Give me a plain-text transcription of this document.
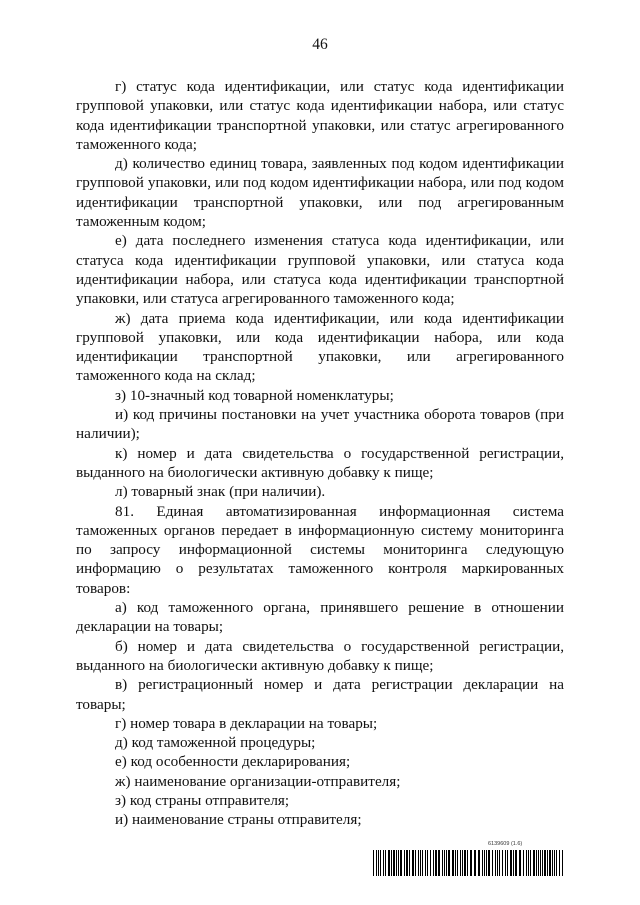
46

г) статус кода идентификации, или статус кода идентификации групповой упаковки, или статус кода идентификации набора, или статус кода идентификации транспортной упаковки, или статус агрегированного таможенного кода;

д) количество единиц товара, заявленных под кодом идентификации групповой упаковки, или под кодом идентификации набора, или под кодом идентификации транспортной упаковки, или под агрегированным таможенным кодом;

е) дата последнего изменения статуса кода идентификации, или статуса кода идентификации групповой упаковки, или статуса кода идентификации набора, или статуса кода идентификации транспортной упаковки, или статуса агрегированного таможенного кода;

ж) дата приема кода идентификации, или кода идентификации групповой упаковки, или кода идентификации набора, или кода идентификации транспортной упаковки, или агрегированного таможенного кода на склад;

з) 10-значный код товарной номенклатуры;

и) код причины постановки на учет участника оборота товаров (при наличии);

к) номер и дата свидетельства о государственной регистрации, выданного на биологически активную добавку к пище;

л) товарный знак (при наличии).

81. Единая автоматизированная информационная система таможенных органов передает в информационную систему мониторинга по запросу информационной системы мониторинга следующую информацию о результатах таможенного контроля маркированных товаров:

а) код таможенного органа, принявшего решение в отношении декларации на товары;

б) номер и дата свидетельства о государственной регистрации, выданного на биологически активную добавку к пище;

в) регистрационный номер и дата регистрации декларации на товары;

г) номер товара в декларации на товары;

д) код таможенной процедуры;

е) код особенности декларирования;

ж) наименование организации-отправителя;

з) код страны отправителя;

и) наименование страны отправителя;

6139609 (1.6)
